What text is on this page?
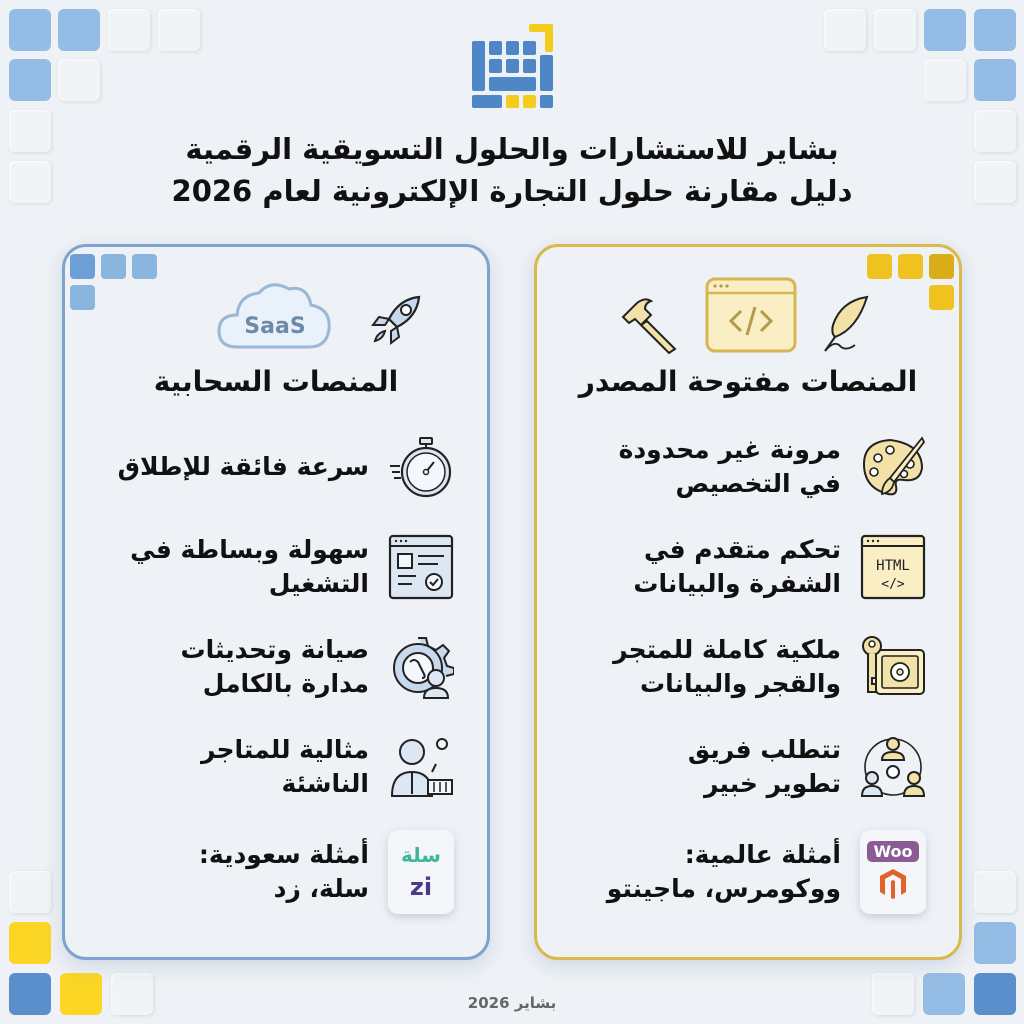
بشاير للاستشارات والحلول التسويقية الرقمية
دليل مقارنة حلول التجارة الإلكترونية لعام 2026
SaaS
المنصات السحابية
سرعة فائقة للإطلاق
سهولة وبساطة في
التشغيل
صيانة وتحديثات
مدارة بالكامل
مثالية للمتاجر
الناشئة
سلة
zi
أمثلة سعودية:
سلة، زد
المنصات مفتوحة المصدر
مرونة غير محدودة
في التخصيص
HTML
</>
تحكم متقدم في
الشفرة والبيانات
ملكية كاملة للمتجر
والقجر والبيانات
تتطلب فريق
تطوير خبير
Woo
أمثلة عالمية:
ووكومرس، ماجينتو
بشاير 2026
